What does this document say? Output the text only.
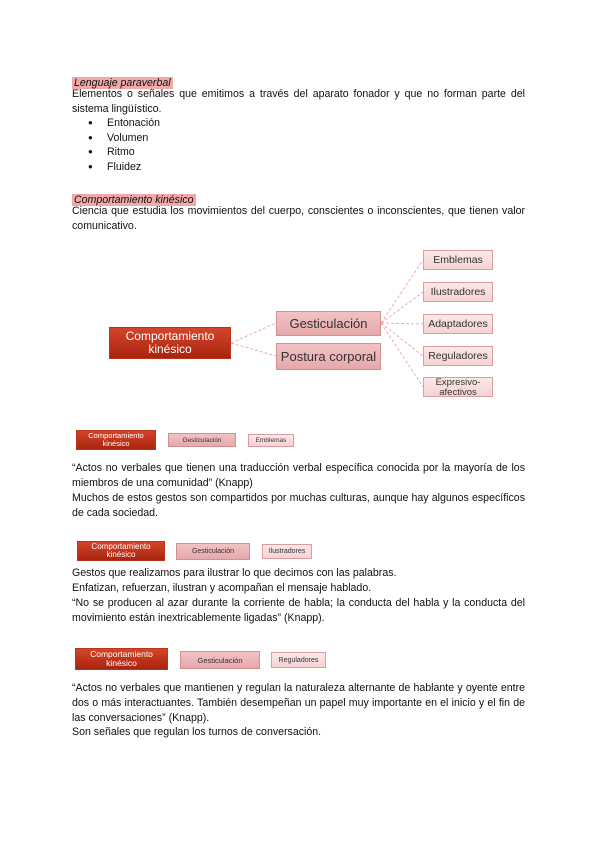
Lenguaje paraverbal
Elementos o señales que emitimos a través del aparato fonador y que no forman parte del sistema lingüístico.
● Entonación
● Volumen
● Ritmo
● Fluidez
Comportamiento kinésico
Ciencia que estudia los movimientos del cuerpo, conscientes o inconscientes, que tienen valor comunicativo.
Comportamiento kinésico
Gesticulación
Postura corporal
Emblemas
Ilustradores
Adaptadores
Reguladores
Expresivo-afectivos
Comportamiento kinésico	Gesticulación	Emblemas
“Actos no verbales que tienen una traducción verbal específica conocida por la mayoría de los miembros de una comunidad” (Knapp)
Muchos de estos gestos son compartidos por muchas culturas, aunque hay algunos específicos de cada sociedad.
Comportamiento kinésico	Gesticulación	Ilustradores
Gestos que realizamos para ilustrar lo que decimos con las palabras.
Enfatizan, refuerzan, ilustran y acompañan el mensaje hablado.
“No se producen al azar durante la corriente de habla; la conducta del habla y la conducta del movimiento están inextricablemente ligadas” (Knapp).
Comportamiento kinésico	Gesticulación	Reguladores
“Actos no verbales que mantienen y regulan la naturaleza alternante de hablante y oyente entre dos o más interactuantes. También desempeñan un papel muy importante en el inicio y el fin de las conversaciones” (Knapp).
Son señales que regulan los turnos de conversación.
